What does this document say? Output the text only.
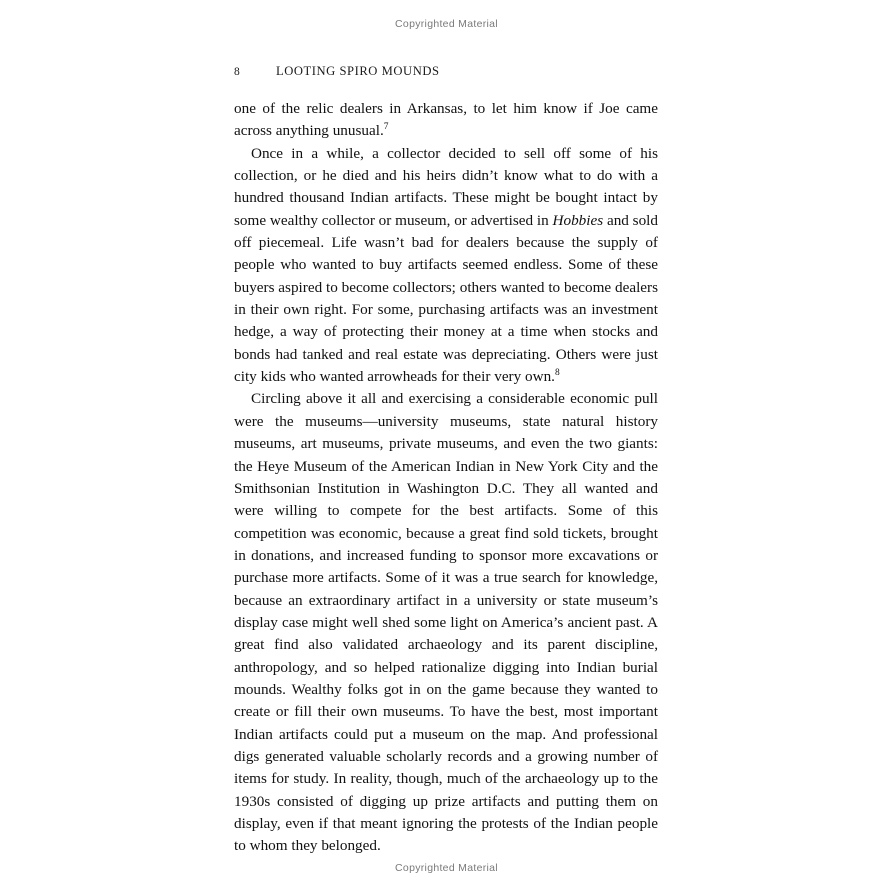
Copyrighted Material
8	LOOTING SPIRO MOUNDS

one of the relic dealers in Arkansas, to let him know if Joe came across anything unusual.$^7$

Once in a while, a collector decided to sell off some of his collection, or he died and his heirs didn’t know what to do with a hundred thousand Indian artifacts. These might be bought intact by some wealthy collector or museum, or advertised in Hobbies and sold off piecemeal. Life wasn’t bad for dealers because the supply of people who wanted to buy artifacts seemed endless. Some of these buyers aspired to become collectors; others wanted to become dealers in their own right. For some, purchasing artifacts was an investment hedge, a way of protecting their money at a time when stocks and bonds had tanked and real estate was depreciating. Others were just city kids who wanted arrowheads for their very own.$^8$

Circling above it all and exercising a considerable economic pull were the museums—university museums, state natural history museums, art museums, private museums, and even the two giants: the Heye Museum of the American Indian in New York City and the Smithsonian Institution in Washington D.C. They all wanted and were willing to compete for the best artifacts. Some of this competition was economic, because a great find sold tickets, brought in donations, and increased funding to sponsor more excavations or purchase more artifacts. Some of it was a true search for knowledge, because an extraordinary artifact in a university or state museum’s display case might well shed some light on America’s ancient past. A great find also validated archaeology and its parent discipline, anthropology, and so helped rationalize digging into Indian burial mounds. Wealthy folks got in on the game because they wanted to create or fill their own museums. To have the best, most important Indian artifacts could put a museum on the map. And professional digs generated valuable scholarly records and a growing number of items for study. In reality, though, much of the archaeology up to the 1930s consisted of digging up prize artifacts and putting them on display, even if that meant ignoring the protests of the Indian people to whom they belonged.

Copyrighted Material
